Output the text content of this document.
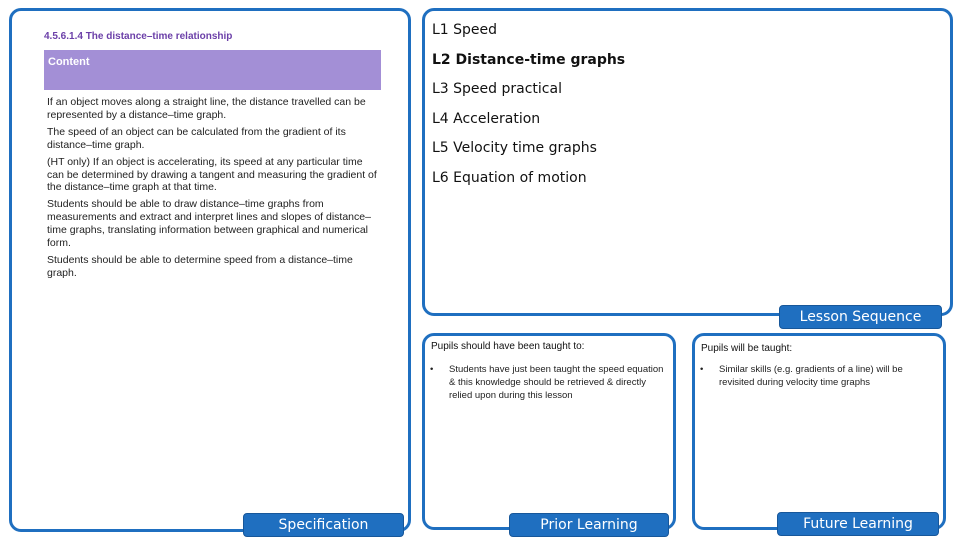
4.5.6.1.4 The distance–time relationship
Content

If an object moves along a straight line, the distance travelled can be represented by a distance–time graph.

The speed of an object can be calculated from the gradient of its distance–time graph.

(HT only) If an object is accelerating, its speed at any particular time can be determined by drawing a tangent and measuring the gradient of the distance–time graph at that time.

Students should be able to draw distance–time graphs from measurements and extract and interpret lines and slopes of distance–time graphs, translating information between graphical and numerical form.

Students should be able to determine speed from a distance–time graph.

Specification
L1 Speed
L2 Distance-time graphs
L3 Speed practical
L4 Acceleration
L5 Velocity time graphs
L6 Equation of motion
Lesson Sequence
Pupils should have been taught to:
• Students have just been taught the speed equation & this knowledge should be retrieved & directly relied upon during this lesson
Prior Learning
Pupils will be taught:
• Similar skills (e.g. gradients of a line) will be revisited during velocity time graphs
Future Learning
